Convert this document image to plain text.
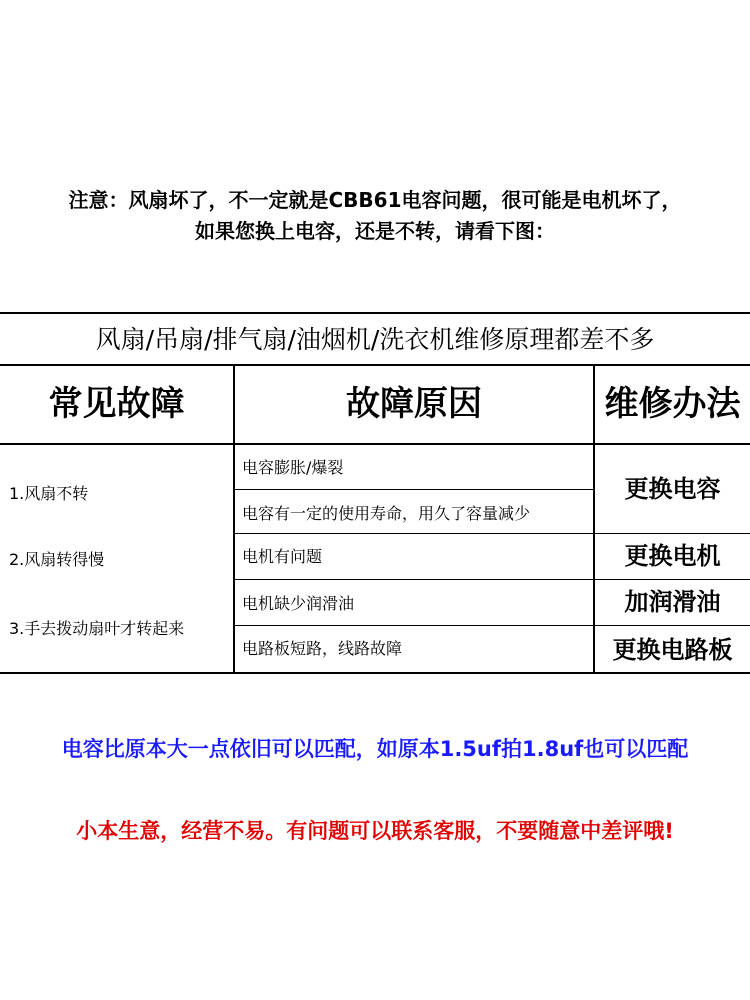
注意：风扇坏了，不一定就是CBB61电容问题，很可能是电机坏了，
如果您换上电容，还是不转，请看下图：
风扇/吊扇/排气扇/油烟机/洗衣机维修原理都差不多
常见故障	故障原因	维修办法
1.风扇不转
2.风扇转得慢
3.手去拨动扇叶才转起来
电容膨胀/爆裂
电容有一定的使用寿命，用久了容量减少
电机有问题
电机缺少润滑油
电路板短路，线路故障
更换电容
更换电机
加润滑油
更换电路板
电容比原本大一点依旧可以匹配，如原本1.5uf拍1.8uf也可以匹配
小本生意，经营不易。有问题可以联系客服，不要随意中差评哦!
